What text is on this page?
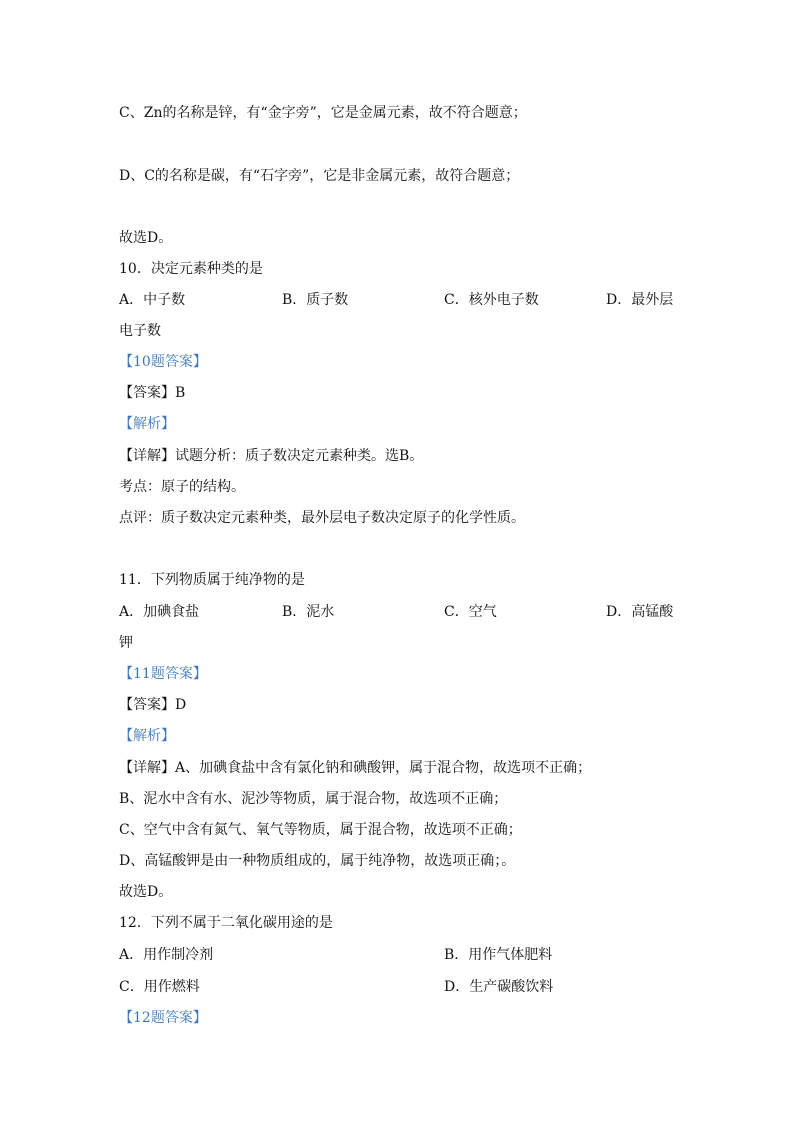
C、Zn的名称是锌，有“金字旁”，它是金属元素，故不符合题意；
D、C的名称是碳，有“石字旁”，它是非金属元素，故符合题意；
故选D。
10．决定元素种类的是
A．中子数	B．质子数	C．核外电子数	D．最外层
电子数
【10题答案】
【答案】B
【解析】
【详解】试题分析：质子数决定元素种类。选B。
考点：原子的结构。
点评：质子数决定元素种类，最外层电子数决定原子的化学性质。
11．下列物质属于纯净物的是
A．加碘食盐	B．泥水	C．空气	D．高锰酸
钾
【11题答案】
【答案】D
【解析】
【详解】A、加碘食盐中含有氯化钠和碘酸钾，属于混合物，故选项不正确；
B、泥水中含有水、泥沙等物质，属于混合物，故选项不正确；
C、空气中含有氮气、氧气等物质，属于混合物，故选项不正确；
D、高锰酸钾是由一种物质组成的，属于纯净物，故选项正确；。
故选D。
12．下列不属于二氧化碳用途的是
A．用作制冷剂	B．用作气体肥料
C．用作燃料	D．生产碳酸饮料
【12题答案】
